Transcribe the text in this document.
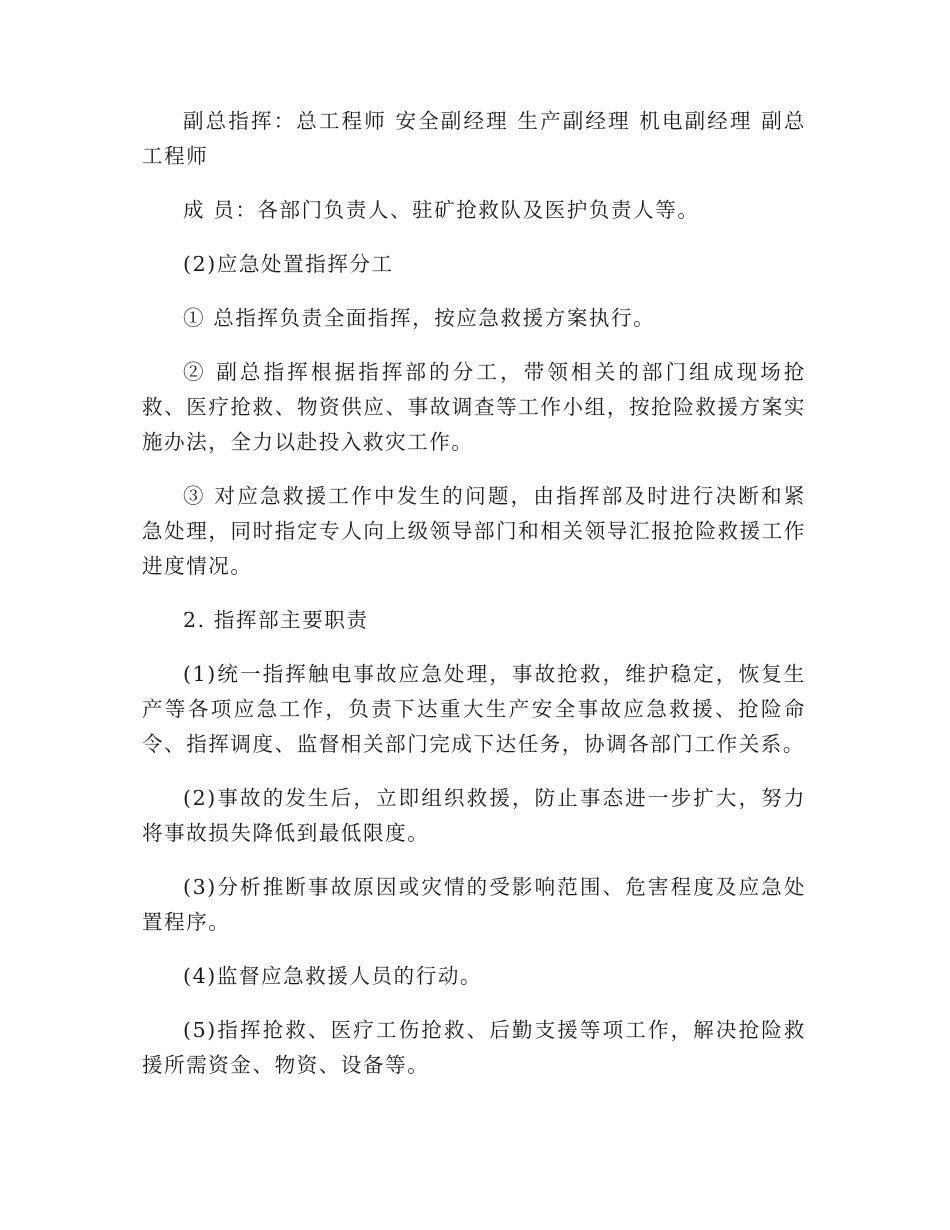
副总指挥：总工程师 安全副经理 生产副经理 机电副经理 副总工程师

成 员：各部门负责人、驻矿抢救队及医护负责人等。

(2)应急处置指挥分工

① 总指挥负责全面指挥，按应急救援方案执行。

② 副总指挥根据指挥部的分工，带领相关的部门组成现场抢救、医疗抢救、物资供应、事故调查等工作小组，按抢险救援方案实施办法，全力以赴投入救灾工作。

③ 对应急救援工作中发生的问题，由指挥部及时进行决断和紧急处理，同时指定专人向上级领导部门和相关领导汇报抢险救援工作进度情况。

2. 指挥部主要职责

(1)统一指挥触电事故应急处理，事故抢救，维护稳定，恢复生产等各项应急工作，负责下达重大生产安全事故应急救援、抢险命令、指挥调度、监督相关部门完成下达任务，协调各部门工作关系。

(2)事故的发生后，立即组织救援，防止事态进一步扩大，努力将事故损失降低到最低限度。

(3)分析推断事故原因或灾情的受影响范围、危害程度及应急处置程序。

(4)监督应急救援人员的行动。

(5)指挥抢救、医疗工伤抢救、后勤支援等项工作，解决抢险救援所需资金、物资、设备等。
